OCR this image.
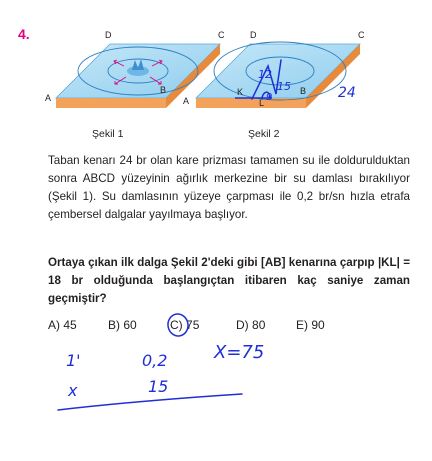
4.	D	C
A
B
D	C
A
B
K
L
Şekil 1	Şekil 2

Taban kenarı 24 br olan kare prizması tamamen su ile doldurulduktan sonra ABCD yüzeyinin ağırlık merkezine bir su damlası bırakılıyor (Şekil 1). Su damlasının yüzeye çarpması ile 0,2 br/sn hızla etrafa çembersel dalgalar yayılmaya başlıyor.

Ortaya çıkan ilk dalga Şekil 2'deki gibi [AB] kenarına çarpıp |KL| = 18 br olduğunda başlangıçtan itibaren kaç saniye zaman geçmiştir?

A) 45	B) 60	C) 75	D) 80	E) 90
12
15
9	24
1'	0,2
x	15
X=75
